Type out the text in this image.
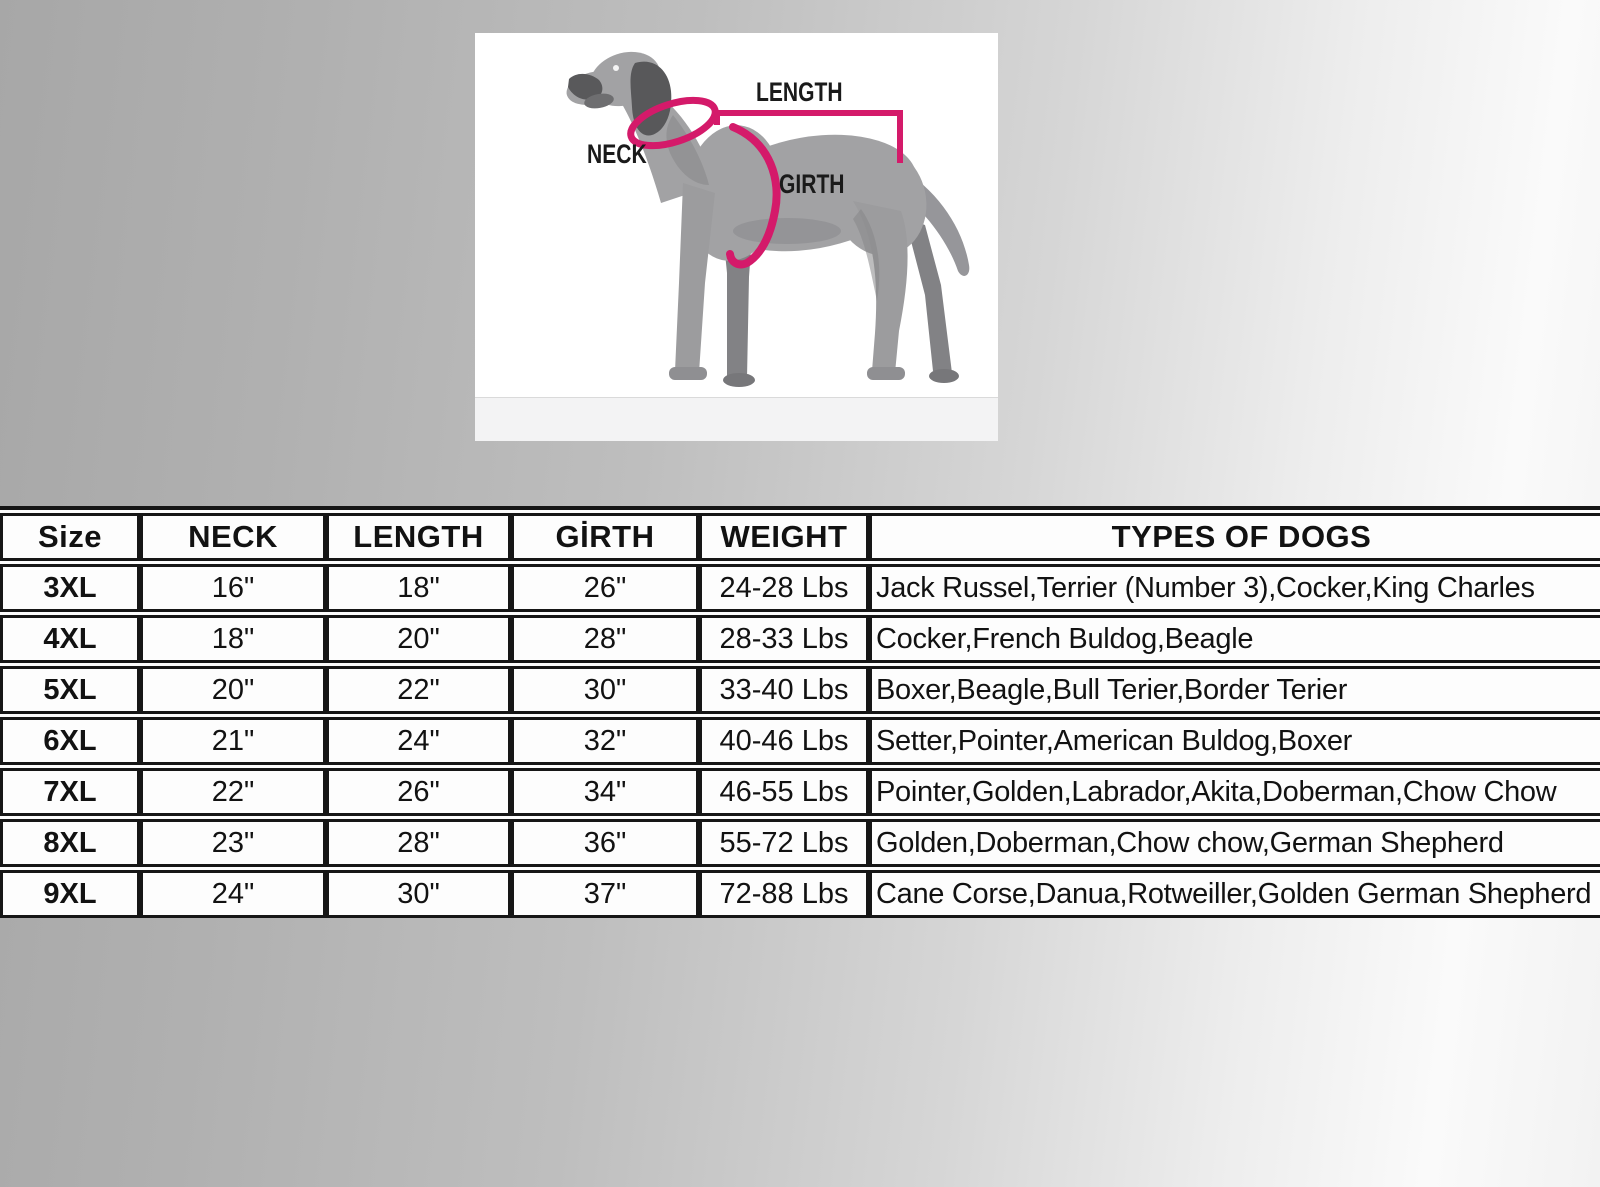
NECK
LENGTH
GIRTH
Size	NECK	LENGTH	GİRTH	WEIGHT	TYPES OF DOGS
3XL	16"	18"	26"	24-28 Lbs	Jack Russel,Terrier (Number 3),Cocker,King Charles
4XL	18"	20"	28"	28-33 Lbs	Cocker,French Buldog,Beagle
5XL	20"	22"	30"	33-40 Lbs	Boxer,Beagle,Bull Terier,Border Terier
6XL	21"	24"	32"	40-46 Lbs	Setter,Pointer,American Buldog,Boxer
7XL	22"	26"	34"	46-55 Lbs	Pointer,Golden,Labrador,Akita,Doberman,Chow Chow
8XL	23"	28"	36"	55-72 Lbs	Golden,Doberman,Chow chow,German Shepherd
9XL	24"	30"	37"	72-88 Lbs	Cane Corse,Danua,Rotweiller,Golden German Shepherd
